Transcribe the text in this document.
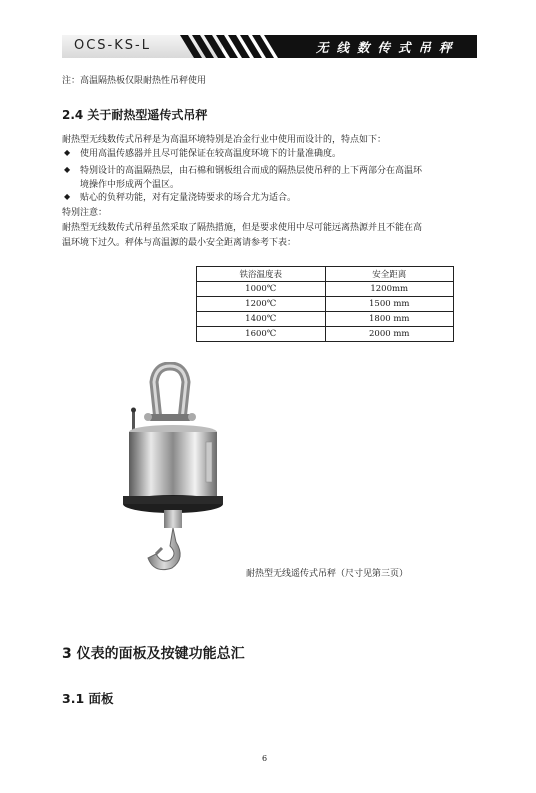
OCS-KS-L	无线数传式吊秤
注：高温隔热板仅限耐热性吊秤使用
2.4 关于耐热型遥传式吊秤
耐热型无线数传式吊秤是为高温环境特别是冶金行业中使用而设计的，特点如下：
◆ 使用高温传感器并且尽可能保证在较高温度环境下的计量准确度。
◆ 特别设计的高温隔热层，由石棉和钢板组合而成的隔热层使吊秤的上下两部分在高温环
境操作中形成两个温区。
◆ 贴心的负秤功能，对有定量浇铸要求的场合尤为适合。
特别注意：
耐热型无线数传式吊秤虽然采取了隔热措施，但是要求使用中尽可能远离热源并且不能在高
温环境下过久。秤体与高温源的最小安全距离请参考下表：
铁浴温度表	安全距离
1000℃	1200mm
1200℃	1500 mm
1400℃	1800 mm
1600℃	2000 mm
耐热型无线遥传式吊秤（尺寸见第三页）
3 仪表的面板及按键功能总汇
3.1 面板
6
